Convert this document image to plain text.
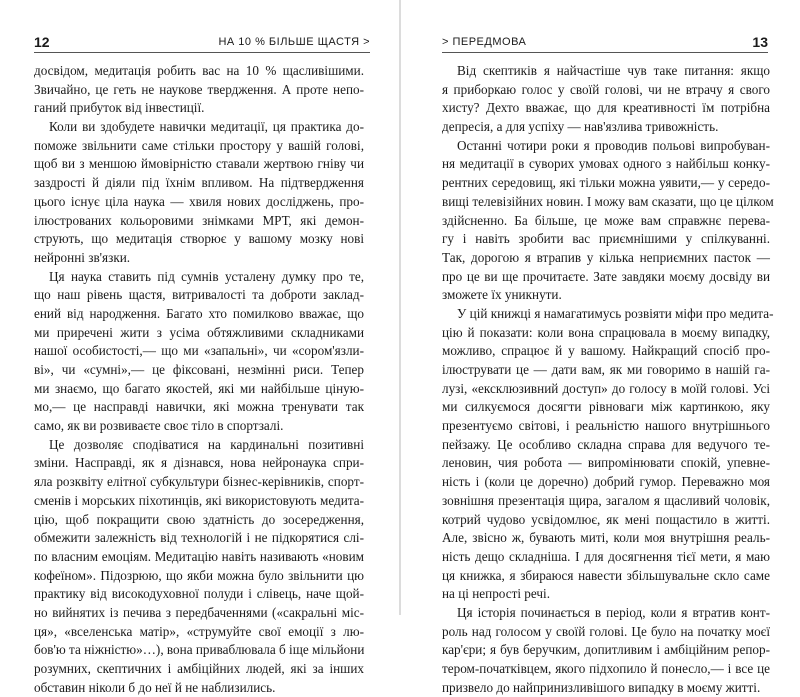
12	НА 10 % БІЛЬШЕ ЩАСТЯ >
досвідом, медитація робить вас на 10 % щасливішими.
Звичайно, це геть не наукове твердження. А проте непо-
ганий прибуток від інвестиції.
Коли ви здобудете навички медитації, ця практика до-
поможе звільнити саме стільки простору у вашій голові,
щоб ви з меншою ймовірністю ставали жертвою гніву чи
заздрості й діяли під їхнім впливом. На підтвердження
цього існує ціла наука — хвиля нових досліджень, про-
ілюстрованих кольоровими знімками МРТ, які демон-
струють, що медитація створює у вашому мозку нові
нейронні зв'язки.
Ця наука ставить під сумнів усталену думку про те,
що наш рівень щастя, витривалості та доброти заклад-
ений від народження. Багато хто помилково вважає, що
ми приречені жити з усіма обтяжливими складниками
нашої особистості,— що ми «запальні», чи «сором'язли-
ві», чи «сумні»,— це фіксовані, незмінні риси. Тепер
ми знаємо, що багато якостей, які ми найбільше ціную-
мо,— це насправді навички, які можна тренувати так
само, як ви розвиваєте своє тіло в спортзалі.
Це дозволяє сподіватися на кардинальні позитивні
зміни. Насправді, як я дізнався, нова нейронаука спри-
яла розквіту елітної субкультури бізнес-керівників, спорт-
сменів і морських піхотинців, які використовують медита-
цію, щоб покращити свою здатність до зосередження,
обмежити залежність від технологій і не підкорятися слі-
по власним емоціям. Медитацію навіть називають «новим
кофеїном». Підозрюю, що якби можна було звільнити цю
практику від високодуховної полуди і слівець, наче щой-
но вийнятих із печива з передбаченнями («сакральні міс-
ця», «вселенська матір», «струмуйте свої емоції з лю-
бов'ю та ніжністю»…), вона приваблювала б іще мільйони
розумних, скептичних і амбіційних людей, які за інших
обставин ніколи б до неї й не наблизились.
> ПЕРЕДМОВА	13
Від скептиків я найчастіше чув таке питання: якщо
я приборкаю голос у своїй голові, чи не втрачу я свого
хисту? Дехто вважає, що для креативності їм потрібна
депресія, а для успіху — нав'язлива тривожність.
Останні чотири роки я проводив польові випробуван-
ня медитації в суворих умовах одного з найбільш конку-
рентних середовищ, які тільки можна уявити,— у середо-
вищі телевізійних новин. І можу вам сказати, що це цілком
здійсненно. Ба більше, це може вам справжнє перева-
гу і навіть зробити вас приємнішими у спілкуванні.
Так, дорогою я втрапив у кілька неприємних пасток —
про це ви ще прочитаєте. Зате завдяки моєму досвіду ви
зможете їх уникнути.
У цій книжці я намагатимусь розвіяти міфи про медита-
цію й показати: коли вона спрацювала в моєму випадку,
можливо, спрацює й у вашому. Найкращий спосіб про-
ілюструвати це — дати вам, як ми говоримо в нашій га-
лузі, «ексклюзивний доступ» до голосу в моїй голові. Усі
ми силкуємося досягти рівноваги між картинкою, яку
презентуємо світові, і реальністю нашого внутрішнього
пейзажу. Це особливо складна справа для ведучого те-
леновин, чия робота — випромінювати спокій, упевне-
ність і (коли це доречно) добрий гумор. Переважно моя
зовнішня презентація щира, загалом я щасливий чоловік,
котрий чудово усвідомлює, як мені пощастило в житті.
Але, звісно ж, бувають миті, коли моя внутрішня реаль-
ність дещо складніша. І для досягнення тієї мети, я маю
ця книжка, я збираюся навести збільшувальне скло саме
на ці непрості речі.
Ця історія починається в період, коли я втратив конт-
роль над голосом у своїй голові. Це було на початку моєї
кар'єри; я був беручким, допитливим і амбіційним репор-
тером-початківцем, якого підхопило й понесло,— і все це
призвело до найпринизливішого випадку в моєму житті.
